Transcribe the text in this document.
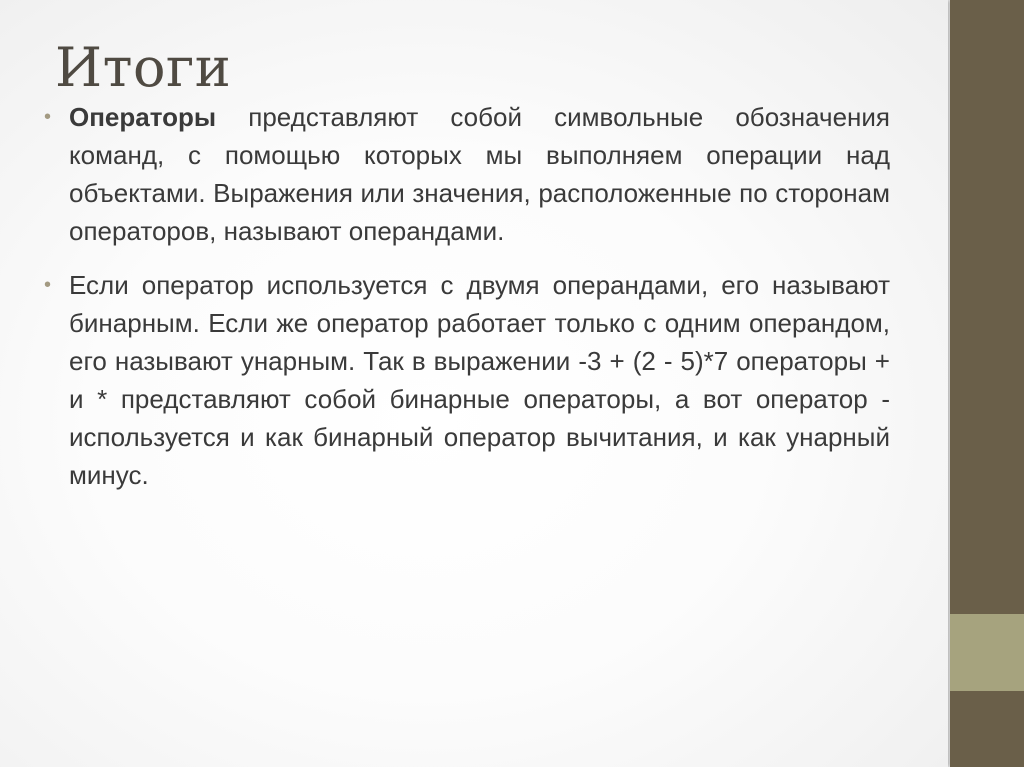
Итоги
• Операторы представляют собой символьные обозначения команд, с помощью которых мы выполняем операции над объектами. Выражения или значения, расположенные по сторонам операторов, называют операндами.
• Если оператор используется с двумя операндами, его называют бинарным. Если же оператор работает только с одним операндом, его называют унарным. Так в выражении -3 + (2 - 5)*7 операторы + и * представляют собой бинарные операторы, а вот оператор - используется и как бинарный оператор вычитания, и как унарный минус.
